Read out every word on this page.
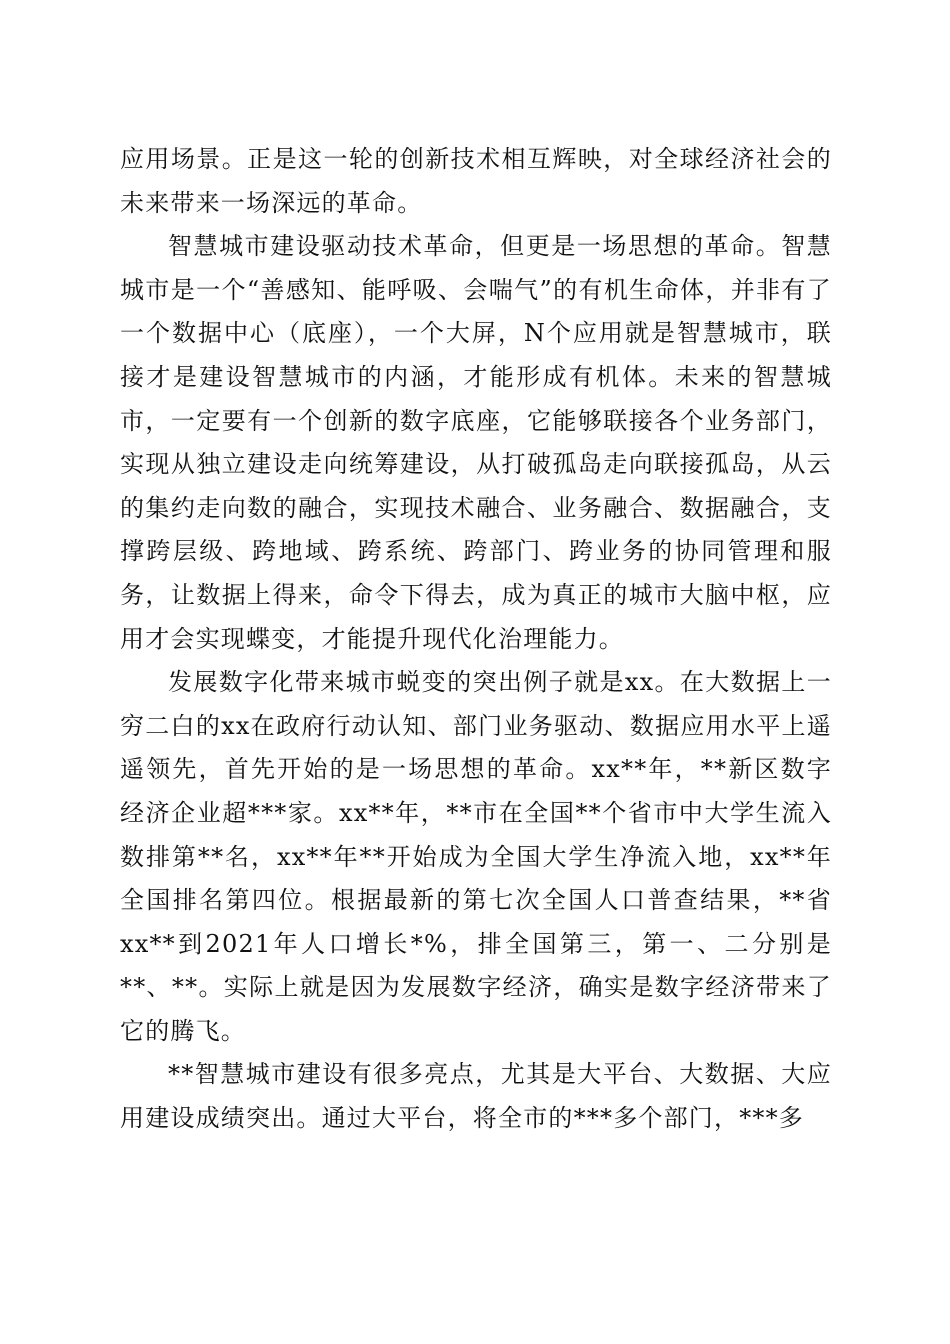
应用场景。正是这一轮的创新技术相互辉映，对全球经济社会的未来带来一场深远的革命。

智慧城市建设驱动技术革命，但更是一场思想的革命。智慧城市是一个“善感知、能呼吸、会喘气”的有机生命体，并非有了一个数据中心（底座），一个大屏，N个应用就是智慧城市，联接才是建设智慧城市的内涵，才能形成有机体。未来的智慧城市，一定要有一个创新的数字底座，它能够联接各个业务部门，实现从独立建设走向统筹建设，从打破孤岛走向联接孤岛，从云的集约走向数的融合，实现技术融合、业务融合、数据融合，支撑跨层级、跨地域、跨系统、跨部门、跨业务的协同管理和服务，让数据上得来，命令下得去，成为真正的城市大脑中枢，应用才会实现蝶变，才能提升现代化治理能力。

发展数字化带来城市蜕变的突出例子就是xx。在大数据上一穷二白的xx在政府行动认知、部门业务驱动、数据应用水平上遥遥领先，首先开始的是一场思想的革命。xx**年，**新区数字经济企业超***家。xx**年，**市在全国**个省市中大学生流入数排第**名，xx**年**开始成为全国大学生净流入地，xx**年全国排名第四位。根据最新的第七次全国人口普查结果，**省xx**到2021年人口增长*%，排全国第三，第一、二分别是**、**。实际上就是因为发展数字经济，确实是数字经济带来了它的腾飞。

**智慧城市建设有很多亮点，尤其是大平台、大数据、大应用建设成绩突出。通过大平台，将全市的***多个部门，***多
